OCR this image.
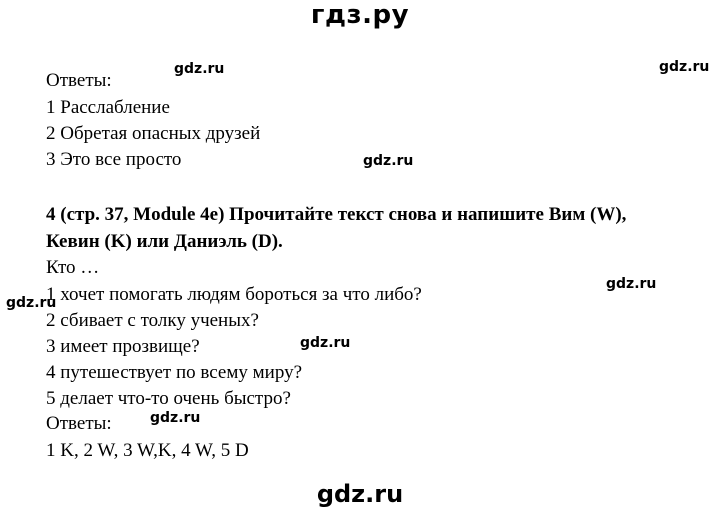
гдз.ру
gdz.ru	gdz.ru
gdz.ru
gdz.ru
gdz.ru
gdz.ru
gdz.ru
Ответы:
1 Расслабление
2 Обретая опасных друзей
3 Это все просто
4 (стр. 37, Module 4e) Прочитайте текст снова и напишите Вим (W),
Кевин (K) или Даниэль (D).
Кто …
1 хочет помогать людям бороться за что либо?
2 сбивает с толку ученых?
3 имеет прозвище?
4 путешествует по всему миру?
5 делает что-то очень быстро?
Ответы:
1 K, 2 W, 3 W,K, 4 W, 5 D
gdz.ru
